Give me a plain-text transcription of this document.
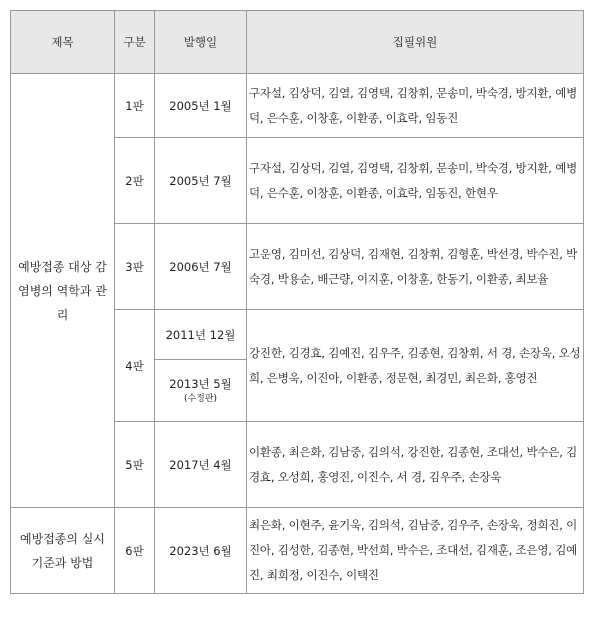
제목	구분	발행일	집필위원
예방접종 대상 감염병의 역학과 관리	1판	2005년 1월	구자설, 김상덕, 김열, 김영택, 김창휘, 문송미, 박숙경, 방지환, 예병덕, 은수훈, 이창훈, 이환종, 이효락, 임동진
	2판	2005년 7월	구자설, 김상덕, 김열, 김영택, 김창휘, 문송미, 박숙경, 방지환, 예병덕, 은수훈, 이창훈, 이환종, 이효락, 임동진, 한현우
	3판	2006년 7월	고운영, 김미선, 김상덕, 김재현, 김창휘, 김형훈, 박선경, 박수진, 박숙경, 박용순, 배근량, 이지훈, 이창훈, 한동기, 이환종, 최보율
	4판	2011년 12월	강진한, 김경효, 김예진, 김우주, 김종현, 김창휘, 서 경, 손장욱, 오성희, 은병욱, 이진아, 이환종, 정문현, 최경민, 최은화, 홍영진

		2013년 5월
(수정판)	

	5판	2017년 4월	이환종, 최은화, 김남중, 김의석, 강진한, 김종현, 조대선, 박수은, 김경효, 오성희, 홍영진, 이진수, 서 경, 김우주, 손장욱
예방접종의 실시 기준과 방법	6판	2023년 6월	최은화, 이현주, 윤기욱, 김의석, 김남중, 김우주, 손장욱, 정희진, 이진아, 김성한, 김종현, 박선희, 박수은, 조대선, 김재훈, 조은영, 김예진, 최희정, 이진수, 이택진
